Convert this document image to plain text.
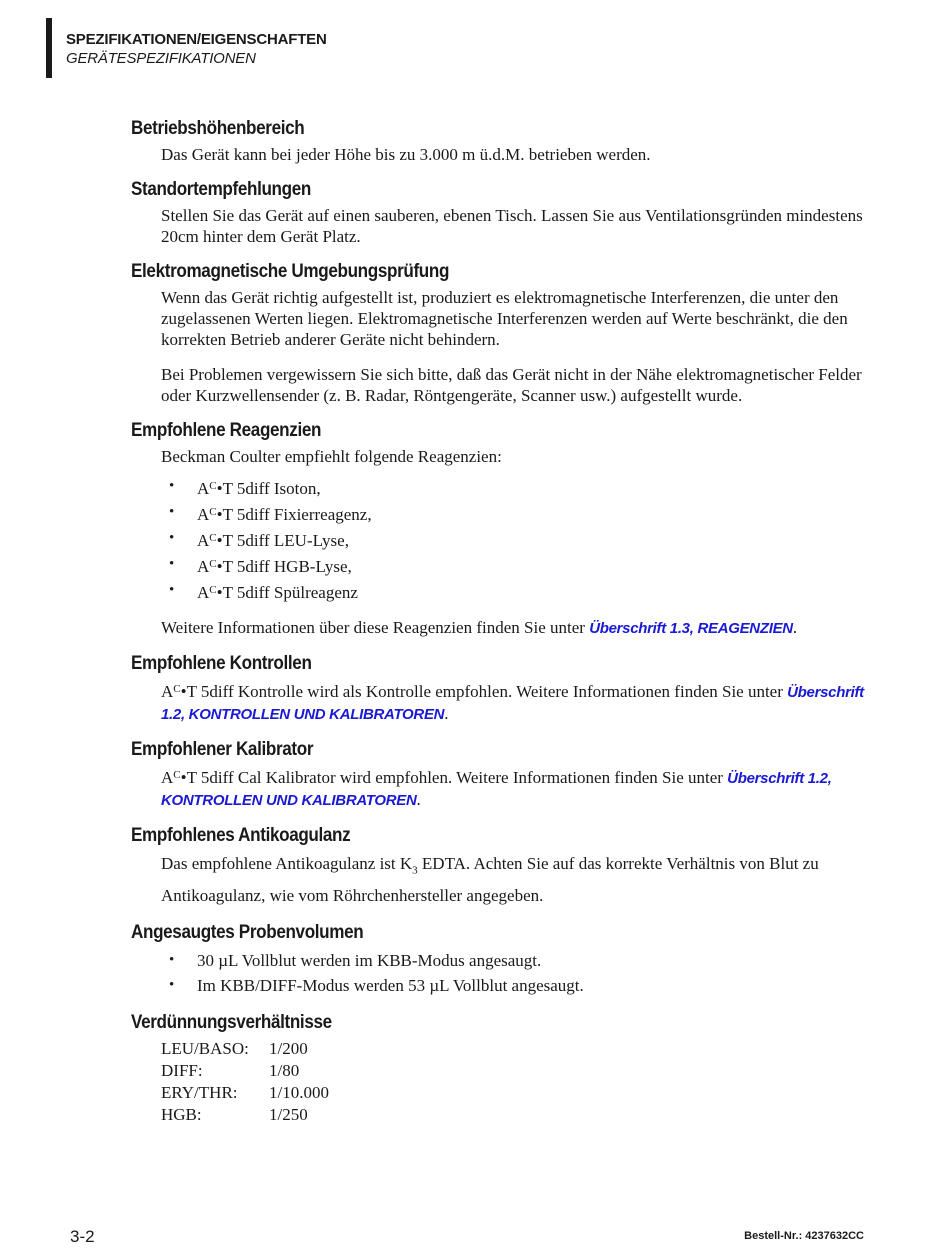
SPEZIFIKATIONEN/EIGENSCHAFTEN
GERÄTESPEZIFIKATIONEN
Betriebshöhenbereich

Das Gerät kann bei jeder Höhe bis zu 3.000 m ü.d.M. betrieben werden.

Standortempfehlungen

Stellen Sie das Gerät auf einen sauberen, ebenen Tisch. Lassen Sie aus Ventilationsgründen mindestens 20cm hinter dem Gerät Platz.

Elektromagnetische Umgebungsprüfung

Wenn das Gerät richtig aufgestellt ist, produziert es elektromagnetische Interferenzen, die unter den zugelassenen Werten liegen. Elektromagnetische Interferenzen werden auf Werte beschränkt, die den korrekten Betrieb anderer Geräte nicht behindern.

Bei Problemen vergewissern Sie sich bitte, daß das Gerät nicht in der Nähe elektromagnetischer Felder oder Kurzwellensender (z. B. Radar, Röntgengeräte, Scanner usw.) aufgestellt wurde.

Empfohlene Reagenzien

Beckman Coulter empfiehlt folgende Reagenzien:

• $A^C•T$ 5diff Isoton,
• $A^C•T$ 5diff Fixierreagenz,
• $A^C•T$ 5diff LEU-Lyse,
• $A^C•T$ 5diff HGB-Lyse,
• $A^C•T$ 5diff Spülreagenz

Weitere Informationen über diese Reagenzien finden Sie unter Überschrift 1.3, REAGENZIEN.

Empfohlene Kontrollen

$A^C•T$ 5diff Kontrolle wird als Kontrolle empfohlen. Weitere Informationen finden Sie unter Überschrift 1.2, KONTROLLEN UND KALIBRATOREN.

Empfohlener Kalibrator

$A^C•T$ 5diff Cal Kalibrator wird empfohlen. Weitere Informationen finden Sie unter Überschrift 1.2, KONTROLLEN UND KALIBRATOREN.

Empfohlenes Antikoagulanz

Das empfohlene Antikoagulanz ist $K_3$ EDTA. Achten Sie auf das korrekte Verhältnis von Blut zu Antikoagulanz, wie vom Röhrchenhersteller angegeben.

Angesaugtes Probenvolumen
• 30 µL Vollblut werden im KBB-Modus angesaugt.
• Im KBB/DIFF-Modus werden 53 µL Vollblut angesaugt.
Verdünnungsverhältnisse
LEU/BASO:	1/200
DIFF:	1/80
ERY/THR:	1/10.000
HGB:	1/250
3-2	Bestell-Nr.: 4237632CC
